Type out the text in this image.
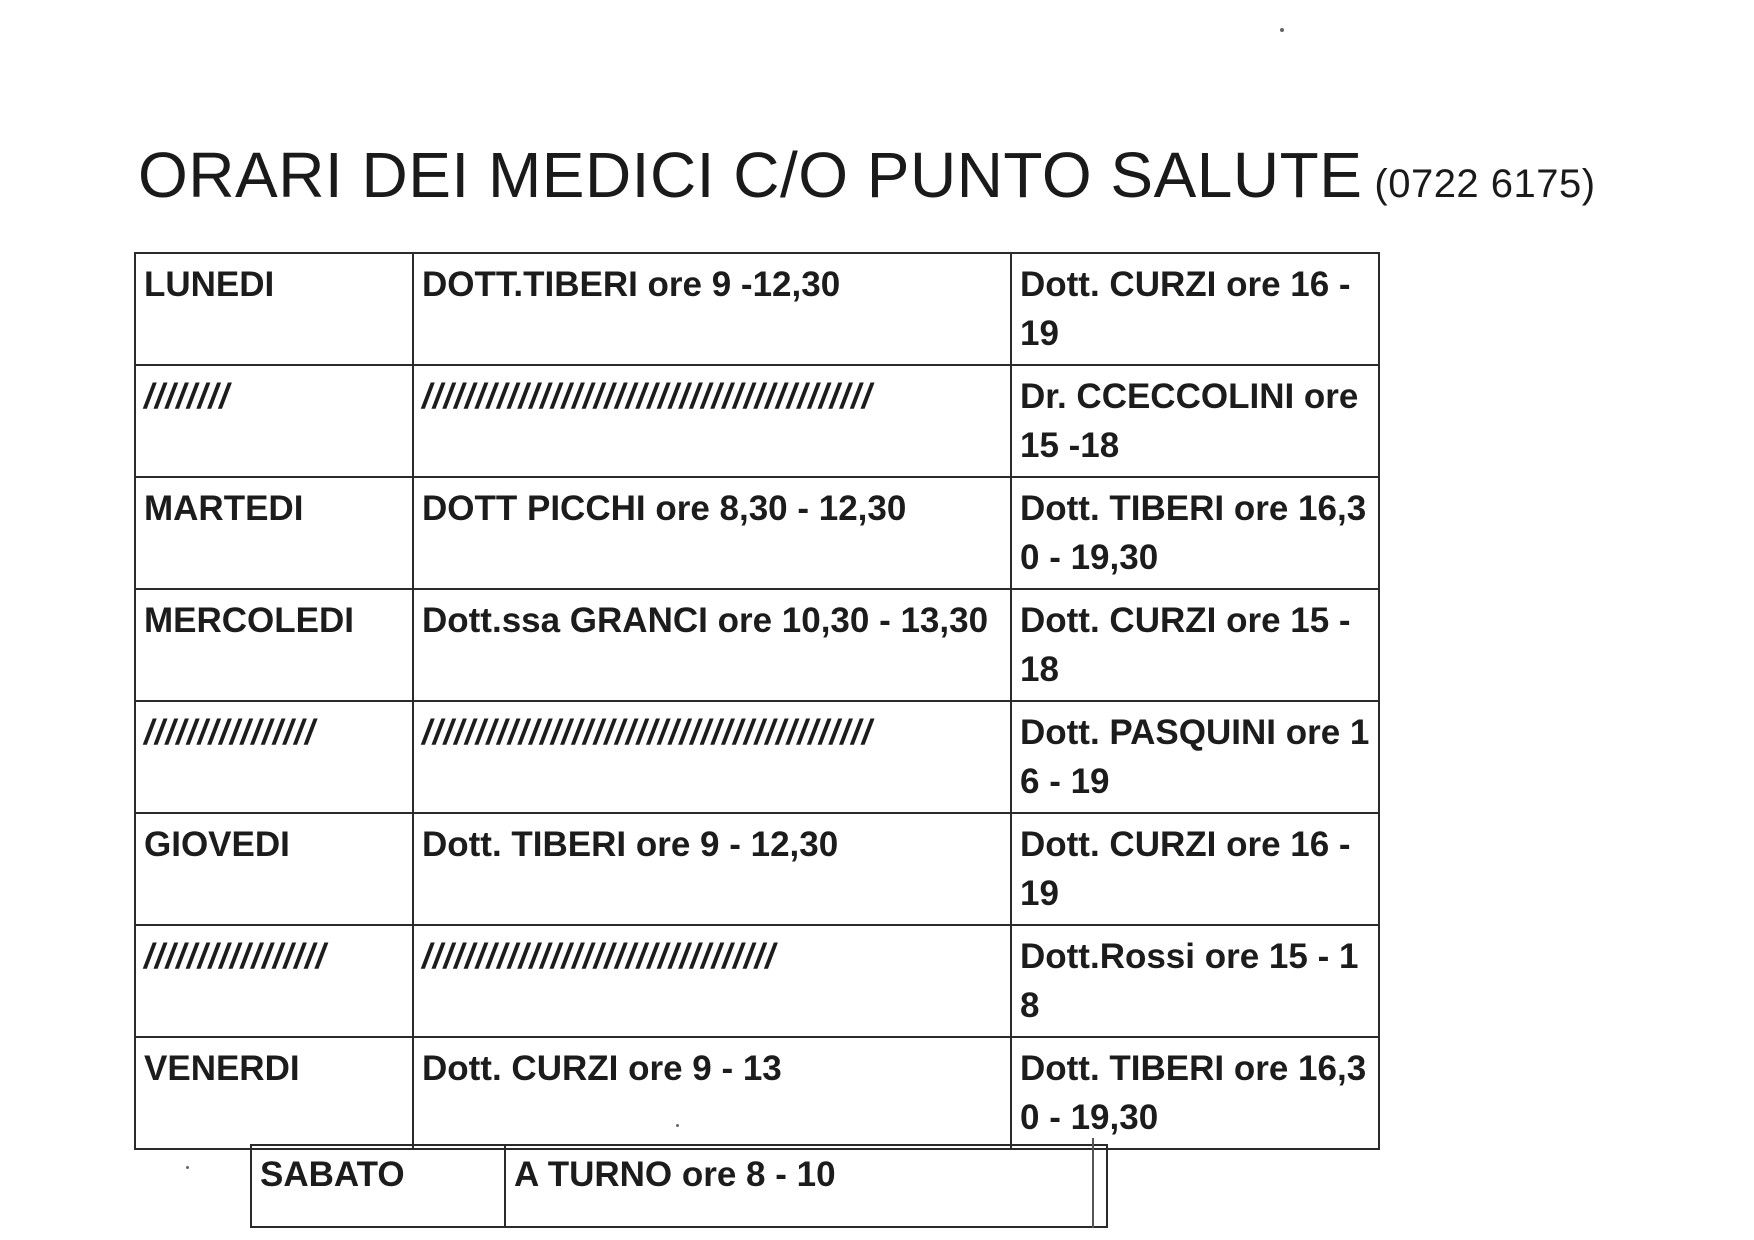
ORARI DEI MEDICI C/O PUNTO SALUTE (0722 6175)
LUNEDI	DOTT.TIBERI ore 9 -12,30	Dott. CURZI ore 16 -19
////////	//////////////////////////////////////////	Dr. CCECCOLINI ore 15 -18
MARTEDI	DOTT PICCHI ore 8,30 - 12,30	Dott. TIBERI ore 16,30 - 19,30
MERCOLEDI	Dott.ssa GRANCI ore 10,30 - 13,30	Dott. CURZI ore 15 -18
////////////////	//////////////////////////////////////////	Dott. PASQUINI ore 16 - 19
GIOVEDI	Dott. TIBERI ore 9 - 12,30	Dott. CURZI ore 16 -19
/////////////////	/////////////////////////////////	Dott.Rossi ore 15 - 18
VENERDI	Dott. CURZI ore 9 - 13	Dott. TIBERI ore 16,30 - 19,30
SABATO	A TURNO ore 8 - 10
